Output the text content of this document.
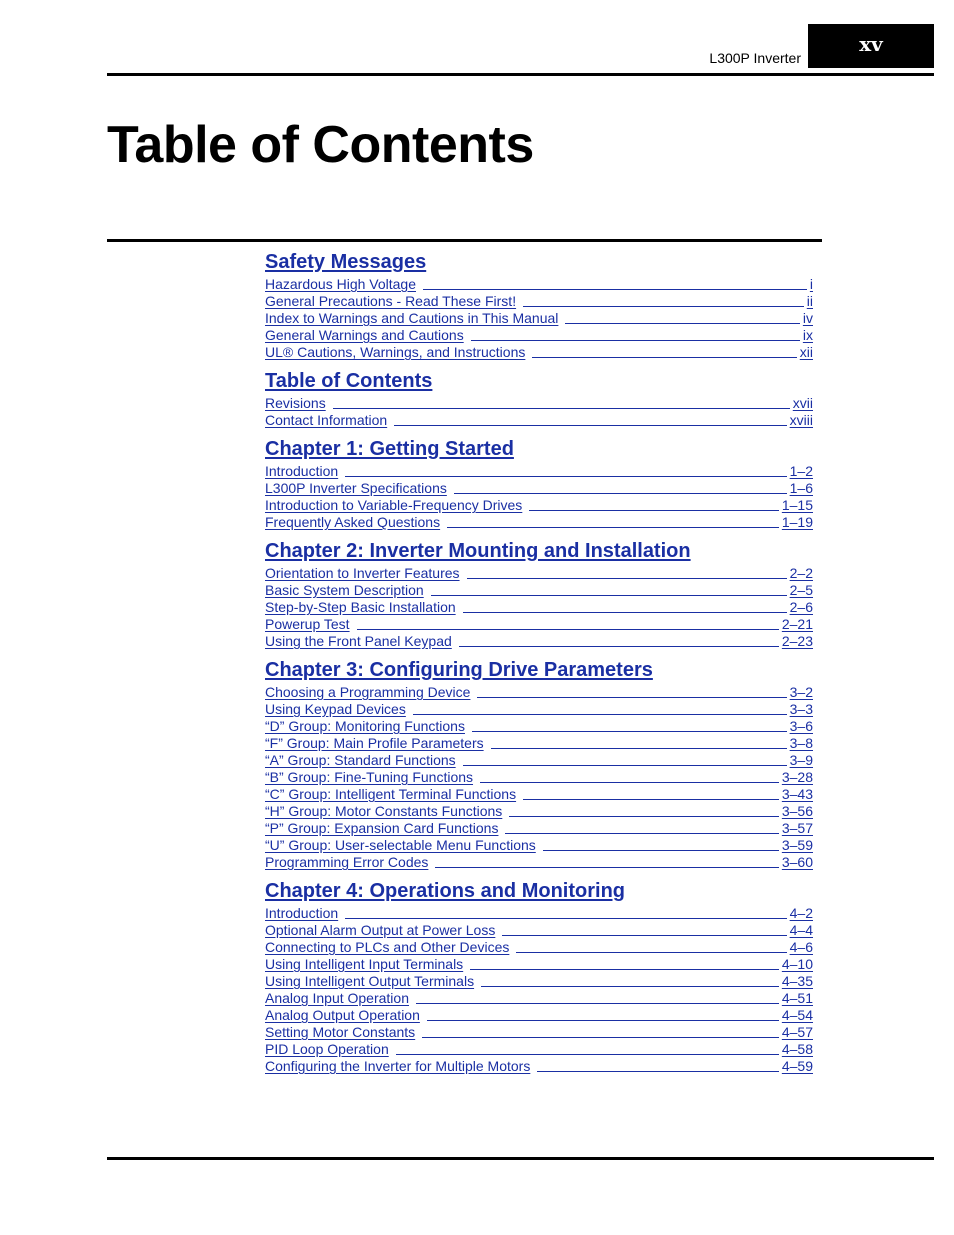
L300P Inverter
xv
Table of Contents
Safety Messages
Hazardous High Voltage	i
General Precautions - Read These First!	ii
Index to Warnings and Cautions in This Manual	iv
General Warnings and Cautions	ix
UL® Cautions, Warnings, and Instructions	xii
Table of Contents
Revisions	xvii
Contact Information	xviii
Chapter 1: Getting Started
Introduction	1–2
L300P Inverter Specifications	1–6
Introduction to Variable-Frequency Drives	1–15
Frequently Asked Questions	1–19
Chapter 2: Inverter Mounting and Installation
Orientation to Inverter Features	2–2
Basic System Description	2–5
Step-by-Step Basic Installation	2–6
Powerup Test	2–21
Using the Front Panel Keypad	2–23
Chapter 3: Configuring Drive Parameters
Choosing a Programming Device	3–2
Using Keypad Devices	3–3
“D” Group: Monitoring Functions	3–6
“F” Group: Main Profile Parameters	3–8
“A” Group: Standard Functions	3–9
“B” Group: Fine-Tuning Functions	3–28
“C” Group: Intelligent Terminal Functions	3–43
“H” Group: Motor Constants Functions	3–56
“P” Group: Expansion Card Functions	3–57
“U” Group: User-selectable Menu Functions	3–59
Programming Error Codes	3–60
Chapter 4: Operations and Monitoring
Introduction	4–2
Optional Alarm Output at Power Loss	4–4
Connecting to PLCs and Other Devices	4–6
Using Intelligent Input Terminals	4–10
Using Intelligent Output Terminals	4–35
Analog Input Operation	4–51
Analog Output Operation	4–54
Setting Motor Constants	4–57
PID Loop Operation	4–58
Configuring the Inverter for Multiple Motors	4–59
